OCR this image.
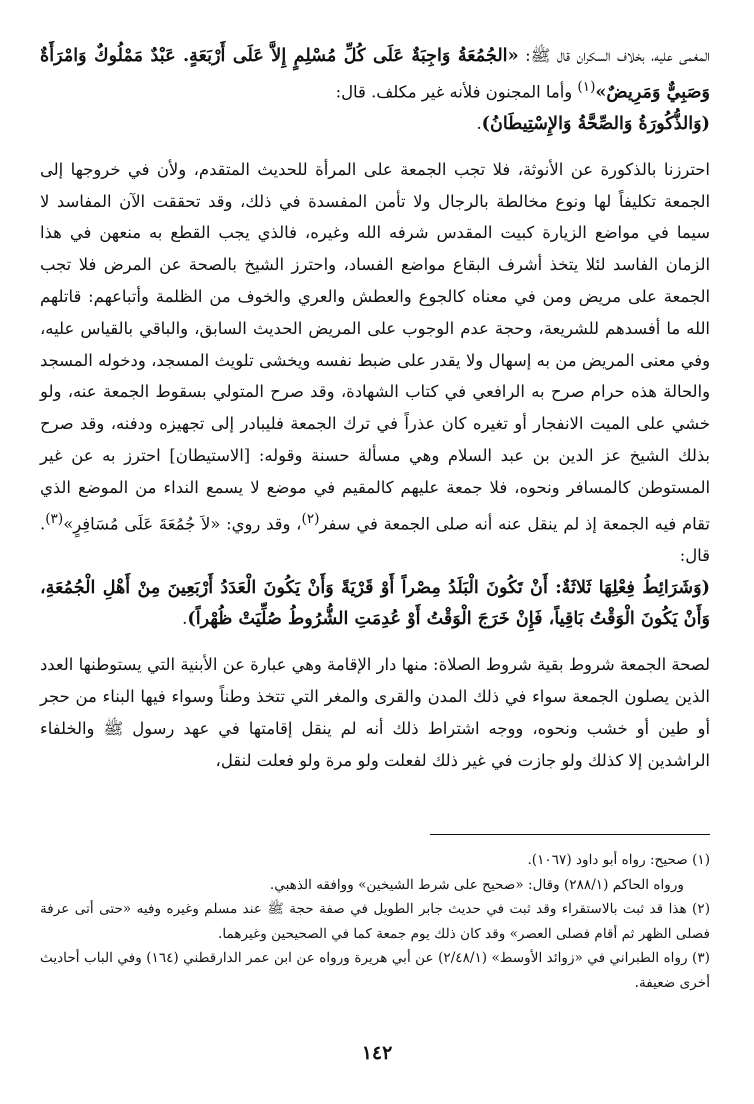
المغمى عليه، بخلاف السكران قال ﷺ: «الجُمُعَةُ وَاجِبَةٌ عَلَى كُلِّ مُسْلِمٍ إِلاَّ عَلَى أَرْبَعَةٍ. عَبْدٌ مَمْلُوكٌ وَامْرَأَةٌ وَصَبِيٌّ وَمَرِيضٌ»$^{(١)}$ وأما المجنون فلأنه غير مكلف. قال:
(وَالذُّكُورَةُ وَالصِّحَّةُ وَالإِسْتِيطَانُ).

احترزنا بالذكورة عن الأنوثة، فلا تجب الجمعة على المرأة للحديث المتقدم، ولأن في خروجها إلى الجمعة تكليفاً لها ونوع مخالطة بالرجال ولا تأمن المفسدة في ذلك، وقد تحققت الآن المفاسد لا سيما في مواضع الزيارة كبيت المقدس شرفه الله وغيره، فالذي يجب القطع به منعهن في هذا الزمان الفاسد لئلا يتخذ أشرف البقاع مواضع الفساد، واحترز الشيخ بالصحة عن المرض فلا تجب الجمعة على مريض ومن في معناه كالجوع والعطش والعري والخوف من الظلمة وأتباعهم: قاتلهم الله ما أفسدهم للشريعة، وحجة عدم الوجوب على المريض الحديث السابق، والباقي بالقياس عليه، وفي معنى المريض من به إسهال ولا يقدر على ضبط نفسه ويخشى تلويث المسجد، ودخوله المسجد والحالة هذه حرام صرح به الرافعي في كتاب الشهادة، وقد صرح المتولي بسقوط الجمعة عنه، ولو خشي على الميت الانفجار أو تغيره كان عذراً في ترك الجمعة فليبادر إلى تجهيزه ودفنه، وقد صرح بذلك الشيخ عز الدين بن عبد السلام وهي مسألة حسنة وقوله: [الاستيطان] احترز به عن غير المستوطن كالمسافر ونحوه، فلا جمعة عليهم كالمقيم في موضع لا يسمع النداء من الموضع الذي تقام فيه الجمعة إذ لم ينقل عنه أنه صلى الجمعة في سفر$^{(٢)}$، وقد روي: «لاَ جُمُعَةَ عَلَى مُسَافِرٍ»$^{(٣)}$. قال:
(وَشَرَائِطُ فِعْلِهَا ثَلاثَةٌ: أَنْ تَكُونَ الْبَلَدُ مِصْراً أَوْ قَرْيَةً وَأَنْ يَكُونَ الْعَدَدُ أَرْبَعِينَ مِنْ أَهْلِ الْجُمُعَةِ، وَأَنْ يَكُونَ الْوَقْتُ بَاقِياً، فَإِنْ خَرَجَ الْوَقْتُ أَوْ عُدِمَتِ الشُّرُوطُ صُلِّيَتْ ظُهْراً).

لصحة الجمعة شروط بقية شروط الصلاة: منها دار الإقامة وهي عبارة عن الأبنية التي يستوطنها العدد الذين يصلون الجمعة سواء في ذلك المدن والقرى والمغر التي تتخذ وطناً وسواء فيها البناء من حجر أو طين أو خشب ونحوه، ووجه اشتراط ذلك أنه لم ينقل إقامتها في عهد رسول ﷺ والخلفاء الراشدين إلا كذلك ولو جازت في غير ذلك لفعلت ولو مرة ولو فعلت لنقل،

(١) صحيح: رواه أبو داود (١٠٦٧).

ورواه الحاكم (٢٨٨/١) وقال: «صحيح على شرط الشيخين» ووافقه الذهبي.

(٢) هذا قد ثبت بالاستقراء وقد ثبت في حديث جابر الطويل في صفة حجة ﷺ عند مسلم وغيره وفيه «حتى أتى عرفة فصلى الظهر ثم أقام فصلى العصر» وقد كان ذلك يوم جمعة كما في الصحيحين وغيرهما.

(٣) رواه الطبراني في «زوائد الأوسط» (٢/٤٨/١) عن أبي هريرة ورواه عن ابن عمر الدارقطني (١٦٤) وفي الباب أحاديث أخرى ضعيفة.

١٤٢
